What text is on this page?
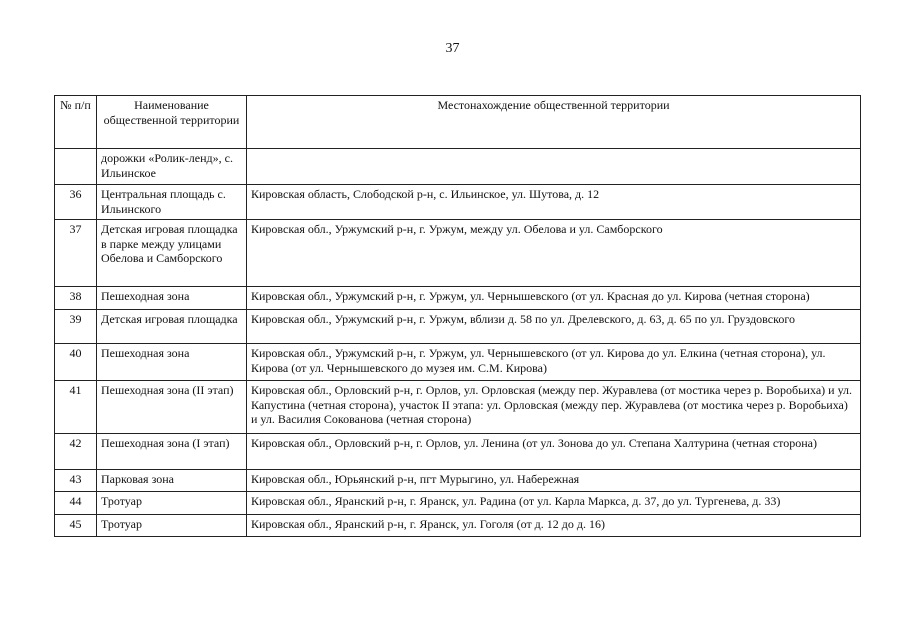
37
№ п/п	Наименование общественной территории	Местонахождение общественной территории
	дорожки «Ролик-ленд», с. Ильинское	
36	Центральная площадь с. Ильинского	Кировская область, Слободской р-н, с. Ильинское, ул. Шутова, д. 12
37	Детская игровая площадка в парке между улицами Обелова и Самборского	Кировская обл., Уржумский р-н, г. Уржум, между ул. Обелова и ул. Самборского
38	Пешеходная зона	Кировская обл., Уржумский р-н, г. Уржум, ул. Чернышевского (от ул. Красная до ул. Кирова (четная сторона)
39	Детская игровая площадка	Кировская обл., Уржумский р-н, г. Уржум, вблизи д. 58 по ул. Дрелевского, д. 63, д. 65 по ул. Груздовского
40	Пешеходная зона	Кировская обл., Уржумский р-н, г. Уржум, ул. Чернышевского (от ул. Кирова до ул. Елкина (четная сторона), ул. Кирова (от ул. Чернышевского до музея им. С.М. Кирова)
41	Пешеходная зона (II этап)	Кировская обл., Орловский р-н, г. Орлов, ул. Орловская (между пер. Журавлева (от мостика через р. Воробьиха) и ул. Капустина (четная сторона), участок II этапа: ул. Орловская (между пер. Журавлева (от мостика через р. Воробьиха) и ул. Василия Сокованова (четная сторона)
42	Пешеходная зона (I этап)	Кировская обл., Орловский р-н, г. Орлов, ул. Ленина (от ул. Зонова до ул. Степана Халтурина (четная сторона)
43	Парковая зона	Кировская обл., Юрьянский р-н, пгт Мурыгино, ул. Набережная
44	Тротуар	Кировская обл., Яранский р-н, г. Яранск, ул. Радина (от ул. Карла Маркса, д. 37, до ул. Тургенева, д. 33)
45	Тротуар	Кировская обл., Яранский р-н, г. Яранск, ул. Гоголя (от д. 12 до д. 16)
